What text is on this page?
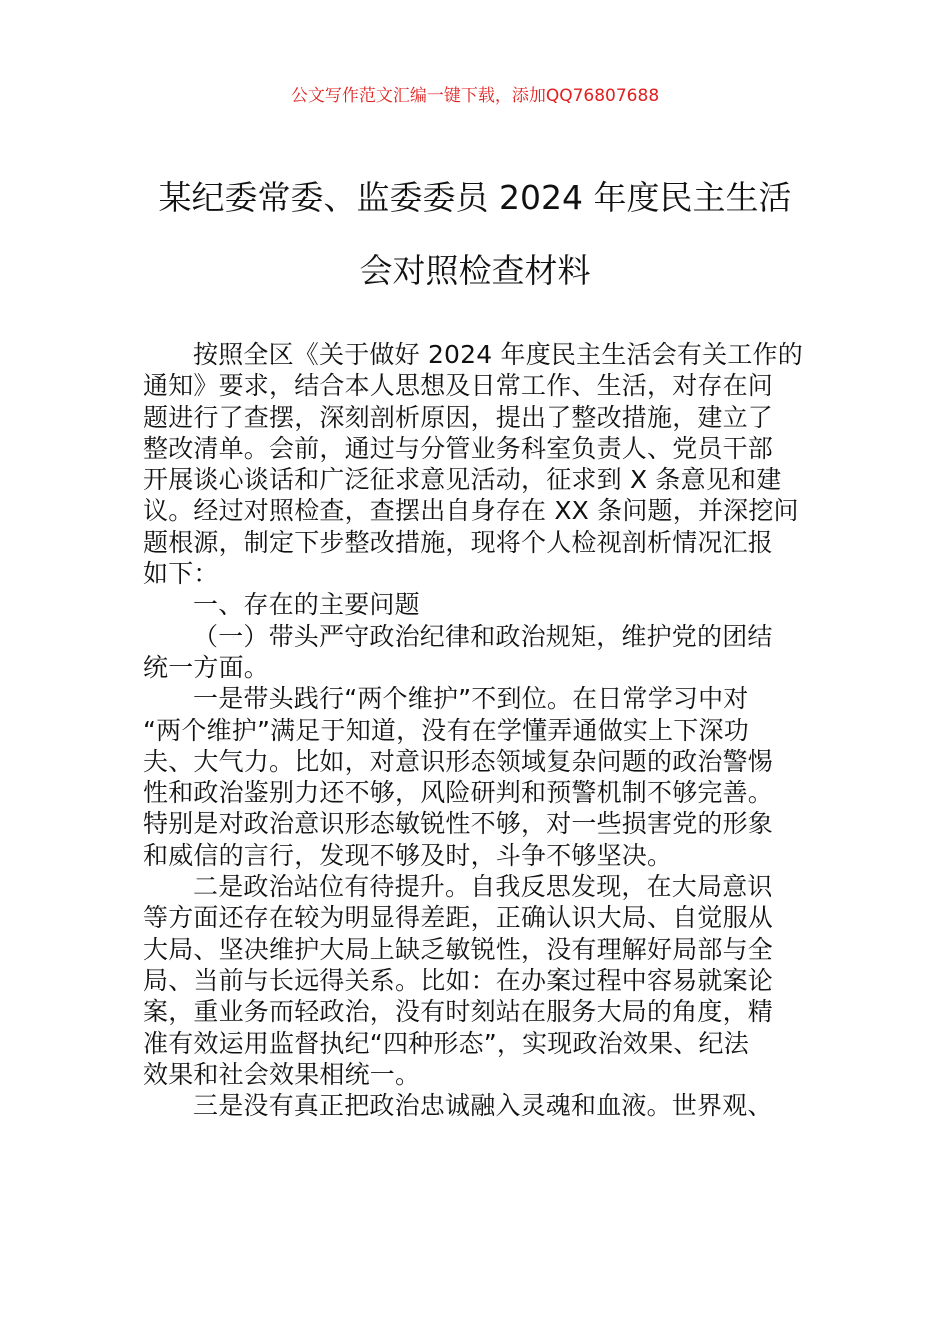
公文写作范文汇编一键下载，添加QQ76807688
某纪委常委、监委委员 2024 年度民主生活
会对照检查材料
按照全区《关于做好 2024 年度民主生活会有关工作的
通知》要求，结合本人思想及日常工作、生活，对存在问
题进行了查摆，深刻剖析原因，提出了整改措施，建立了
整改清单。会前，通过与分管业务科室负责人、党员干部
开展谈心谈话和广泛征求意见活动，征求到 X 条意见和建
议。经过对照检查，查摆出自身存在 XX 条问题，并深挖问
题根源，制定下步整改措施，现将个人检视剖析情况汇报
如下：
一、存在的主要问题
（一）带头严守政治纪律和政治规矩，维护党的团结
统一方面。
一是带头践行“两个维护”不到位。在日常学习中对
“两个维护”满足于知道，没有在学懂弄通做实上下深功
夫、大气力。比如，对意识形态领域复杂问题的政治警惕
性和政治鉴别力还不够，风险研判和预警机制不够完善。
特别是对政治意识形态敏锐性不够，对一些损害党的形象
和威信的言行，发现不够及时，斗争不够坚决。
二是政治站位有待提升。自我反思发现，在大局意识
等方面还存在较为明显得差距，正确认识大局、自觉服从
大局、坚决维护大局上缺乏敏锐性，没有理解好局部与全
局、当前与长远得关系。比如：在办案过程中容易就案论
案，重业务而轻政治，没有时刻站在服务大局的角度，精
准有效运用监督执纪“四种形态”，实现政治效果、纪法
效果和社会效果相统一。
三是没有真正把政治忠诚融入灵魂和血液。世界观、
